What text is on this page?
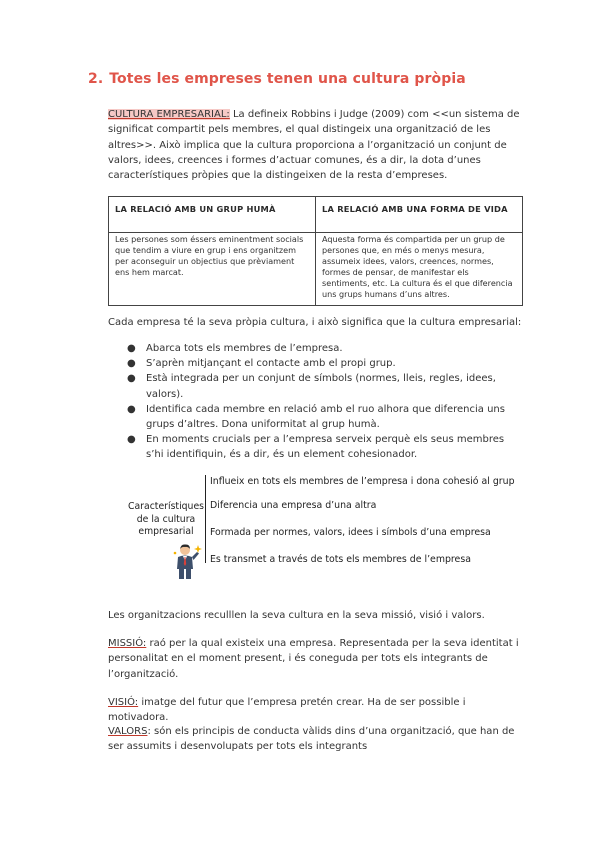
2. Totes les empreses tenen una cultura pròpia
CULTURA EMPRESARIAL: La defineix Robbins i Judge (2009) com <<un sistema de significat compartit pels membres, el qual distingeix una organització de les altres>>. Això implica que la cultura proporciona a l’organització un conjunt de valors, idees, creences i formes d’actuar comunes, és a dir, la dota d’unes característiques pròpies que la distingeixen de la resta d’empreses.
LA RELACIÓ AMB UN GRUP HUMÀ	LA RELACIÓ AMB UNA FORMA DE VIDA
Les persones som éssers eminentment socials que tendim a viure en grup i ens organitzem per aconseguir un objectius que prèviament ens hem marcat.	Aquesta forma és compartida per un grup de persones que, en més o menys mesura, assumeix idees, valors, creences, normes, formes de pensar, de manifestar els sentiments, etc. La cultura és el que diferencia uns grups humans d’uns altres.
Cada empresa té la seva pròpia cultura, i això significa que la cultura empresarial:
● Abarca tots els membres de l’empresa.
● S’aprèn mitjançant el contacte amb el propi grup.
● Està integrada per un conjunt de símbols (normes, lleis, regles, idees, valors).
● Identifica cada membre en relació amb el ruo alhora que diferencia uns grups d’altres. Dona uniformitat al grup humà.
● En moments crucials per a l’empresa serveix perquè els seus membres s’hi identifiquin, és a dir, és un element cohesionador.
Característiques de la cultura empresarial
Influeix en tots els membres de l’empresa i dona cohesió al grup
Diferencia una empresa d’una altra
Formada per normes, valors, idees i símbols d’una empresa
Es transmet a través de tots els membres de l’empresa
Les organitzacions reculllen la seva cultura en la seva missió, visió i valors.
MISSIÓ: raó per la qual existeix una empresa. Representada per la seva identitat i personalitat en el moment present, i és coneguda per tots els integrants de l’organització.
VISIÓ: imatge del futur que l’empresa pretén crear. Ha de ser possible i motivadora.
VALORS: són els principis de conducta vàlids dins d’una organització, que han de ser assumits i desenvolupats per tots els integrants
